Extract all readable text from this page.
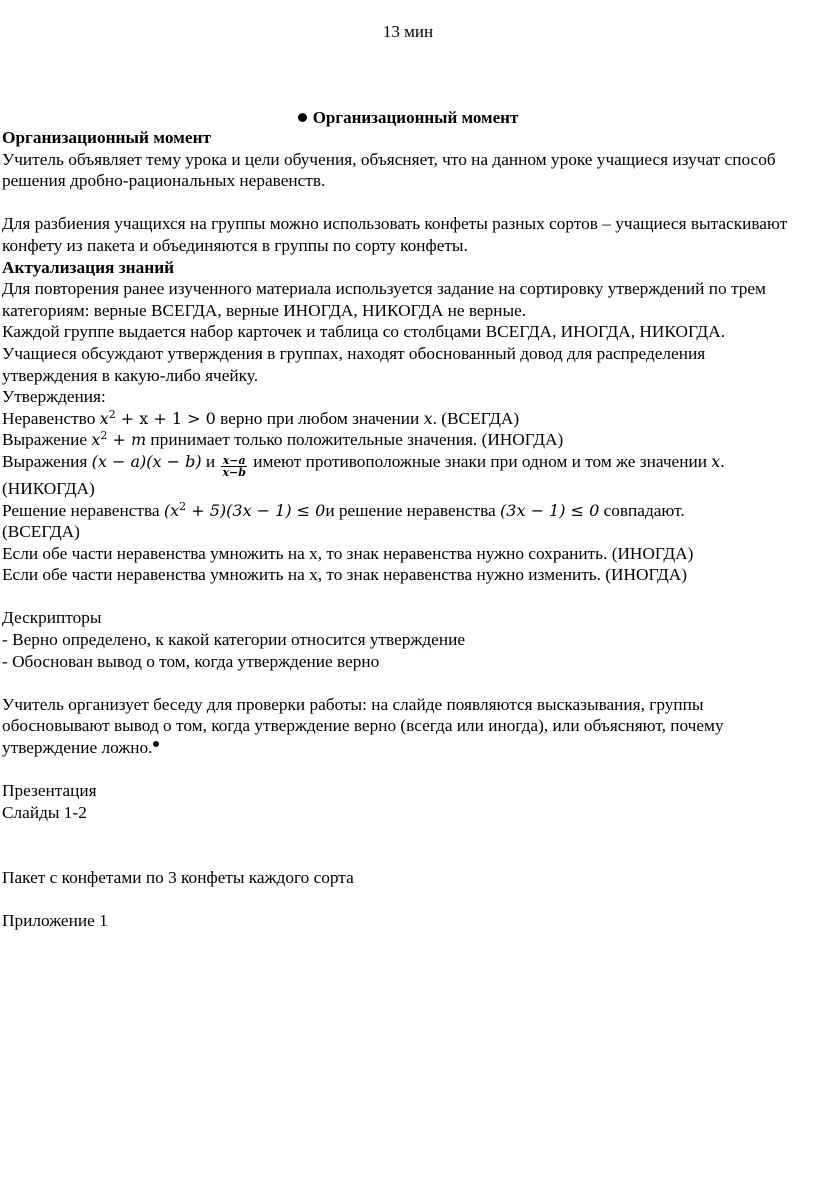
13 мин
Организационный момент

Организационный момент

Учитель объявляет тему урока и цели обучения, объясняет, что на данном уроке учащиеся изучат способ решения дробно-рациональных неравенств.

Для разбиения учащихся на группы можно использовать конфеты разных сортов – учащиеся вытаскивают конфету из пакета и объединяются в группы по сорту конфеты.

Актуализация знаний

Для повторения ранее изученного материала используется задание на сортировку утверждений по трем категориям: верные ВСЕГДА, верные ИНОГДА, НИКОГДА не верные.

Каждой группе выдается набор карточек и таблица со столбцами ВСЕГДА, ИНОГДА, НИКОГДА.

Учащиеся обсуждают утверждения в группах, находят обоснованный довод для распределения утверждения в какую-либо ячейку.

Утверждения:

Неравенство $x^2 + x + 1 > 0$ верно при любом значении x. (ВСЕГДА)

Выражение $x^2 + m$ принимает только положительные значения. (ИНОГДА)

Выражения (x − a)(x − b) и $\frac{x-a}{x-b}$ имеют противоположные знаки при одном и том же значении x.

(НИКОГДА)

Решение неравенства $(x^2 + 5)(3x - 1) \le 0и$ решение неравенства (3x − 1) ≤ 0 совпадают.

(ВСЕГДА)

Если обе части неравенства умножить на х, то знак неравенства нужно сохранить. (ИНОГДА)

Если обе части неравенства умножить на х, то знак неравенства нужно изменить. (ИНОГДА)

Дескрипторы

- Верно определено, к какой категории относится утверждение

- Обоснован вывод о том, когда утверждение верно

Учитель организует беседу для проверки работы: на слайде появляются высказывания, группы обосновывают вывод о том, когда утверждение верно (всегда или иногда), или объясняют, почему утверждение ложно.

Презентация

Слайды 1-2

Пакет с конфетами по 3 конфеты каждого сорта

Приложение 1
